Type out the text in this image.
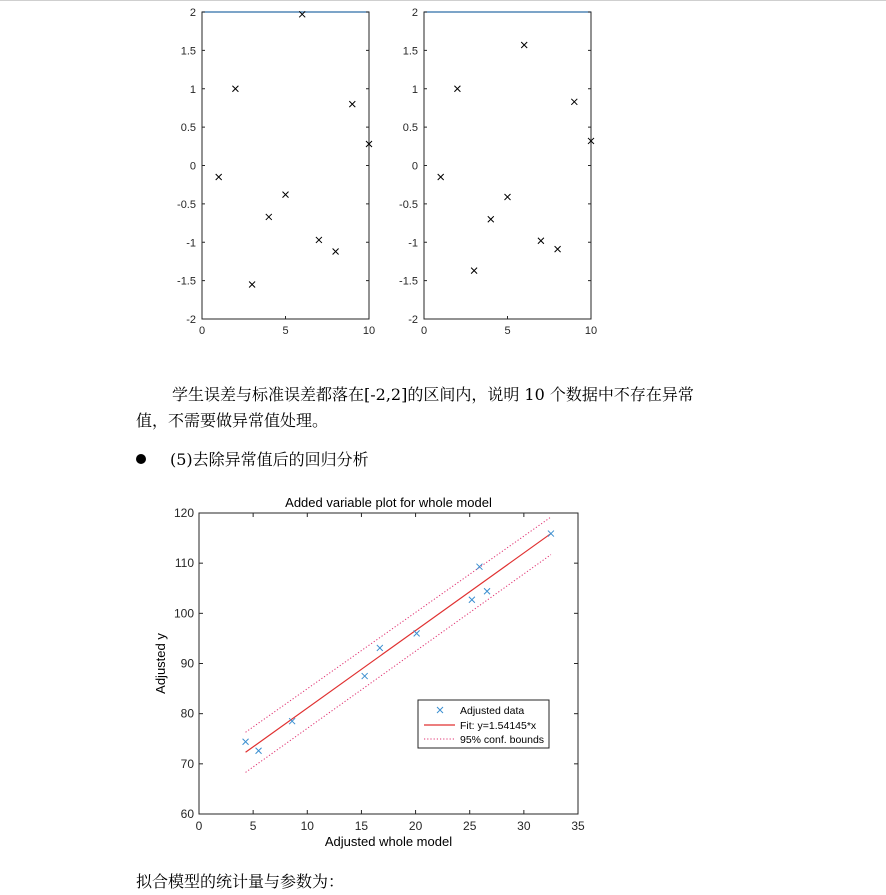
2
1.5
1
0.5
0
-0.5
-1
-1.5
-2
0	5	10
2
1.5
1
0.5
0
-0.5
-1
-1.5
-2
0	5	10

学生误差与标准误差都落在[-2,2]的区间内，说明 10 个数据中不存在异常
值，不需要做异常值处理。

(5)去除异常值后的回归分析
Added variable plot for whole model
120
110
100
90
80
70
60
0	5	10	15	20	25	30	35
Adjusted whole model
Adjusted y
Adjusted data
Fit: y=1.54145*x
95% conf. bounds
拟合模型的统计量与参数为：
